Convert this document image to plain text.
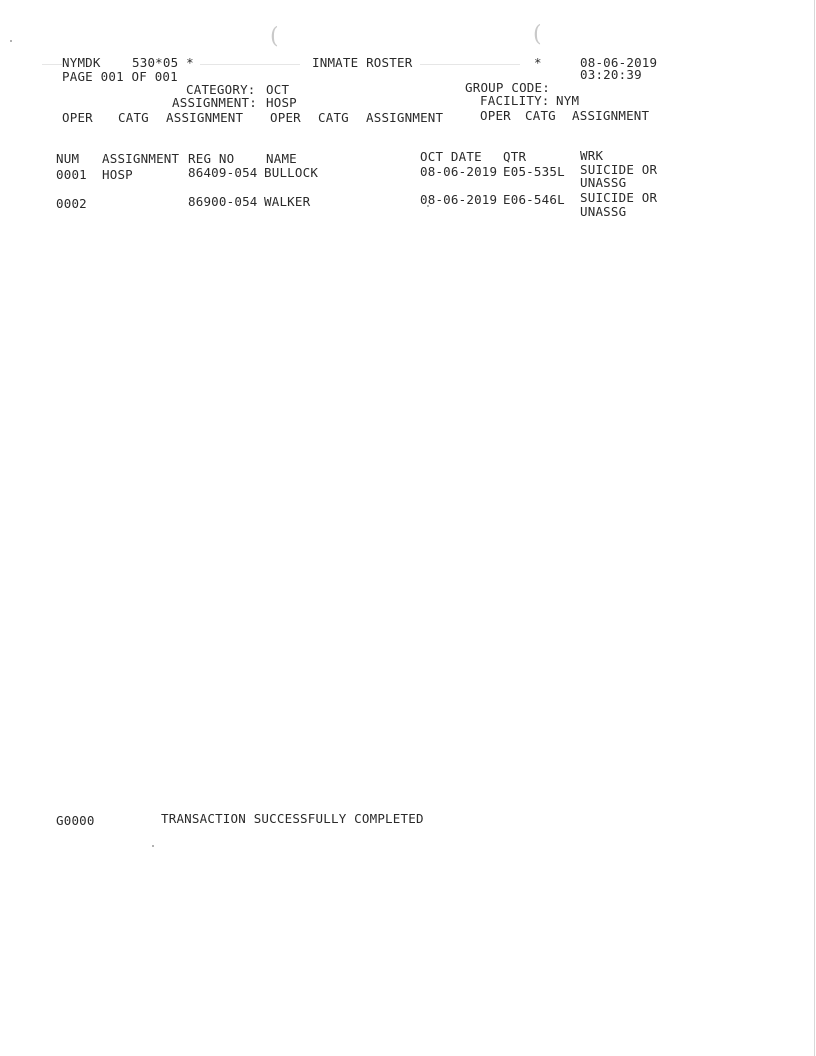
(	(
NYMDK	530*05 *	INMATE ROSTER	*	08-06-2019
PAGE 001 OF 001	03:20:39
CATEGORY: OCT	GROUP CODE:
ASSIGNMENT: HOSP	FACILITY: NYM
OPER CATG ASSIGNMENT OPER CATG ASSIGNMENT	OPER CATG ASSIGNMENT
NUM ASSIGNMENT REG NO	NAME	OCT DATE QTR	WRK
0001 HOSP	86409-054 BULLOCK	08-06-2019 E05-535L SUICIDE OR
UNASSG
0002	86900-054 WALKER	08-06-2019 E06-546L SUICIDE OR
UNASSG
G0000	TRANSACTION SUCCESSFULLY COMPLETED
